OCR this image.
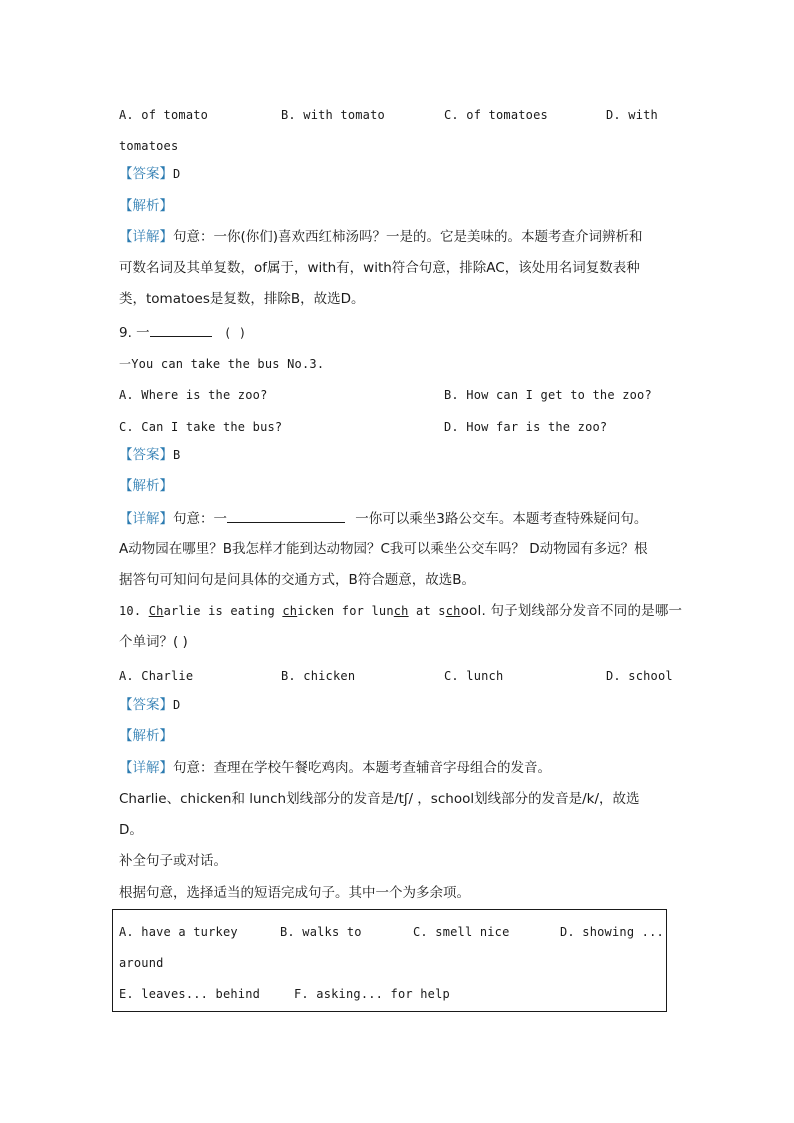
A. of tomato	B. with tomato	C. of tomatoes	D. with
tomatoes
【答案】D
【解析】
【详解】句意：一你(你们)喜欢西红柿汤吗？一是的。它是美味的。本题考查介词辨析和
可数名词及其单复数，of属于，with有，with符合句意，排除AC，该处用名词复数表种
类，tomatoes是复数，排除B，故选D。
9. 一	( )
一You can take the bus No.3.
A. Where is the zoo?	B. How can I get to the zoo?
C. Can I take the bus?	D. How far is the zoo?
【答案】B
【解析】
【详解】句意：一	一你可以乘坐3路公交车。本题考查特殊疑问句。
A动物园在哪里？B我怎样才能到达动物园？C我可以乘坐公交车吗？ D动物园有多远？根
据答句可知问句是问具体的交通方式，B符合题意，故选B。
10. Charlie is eating chicken for lunch at school. 句子划线部分发音不同的是哪一
个单词？( )
A. Charlie	B. chicken	C. lunch	D. school
【答案】D
【解析】
【详解】句意：查理在学校午餐吃鸡肉。本题考查辅音字母组合的发音。
Charlie、chicken和 lunch划线部分的发音是/tʃ/ ，school划线部分的发音是/k/，故选
D。
补全句子或对话。
根据句意，选择适当的短语完成句子。其中一个为多余项。
A. have a turkey	B. walks to	C. smell nice	D. showing ...
around
E. leaves... behind	F. asking... for help
